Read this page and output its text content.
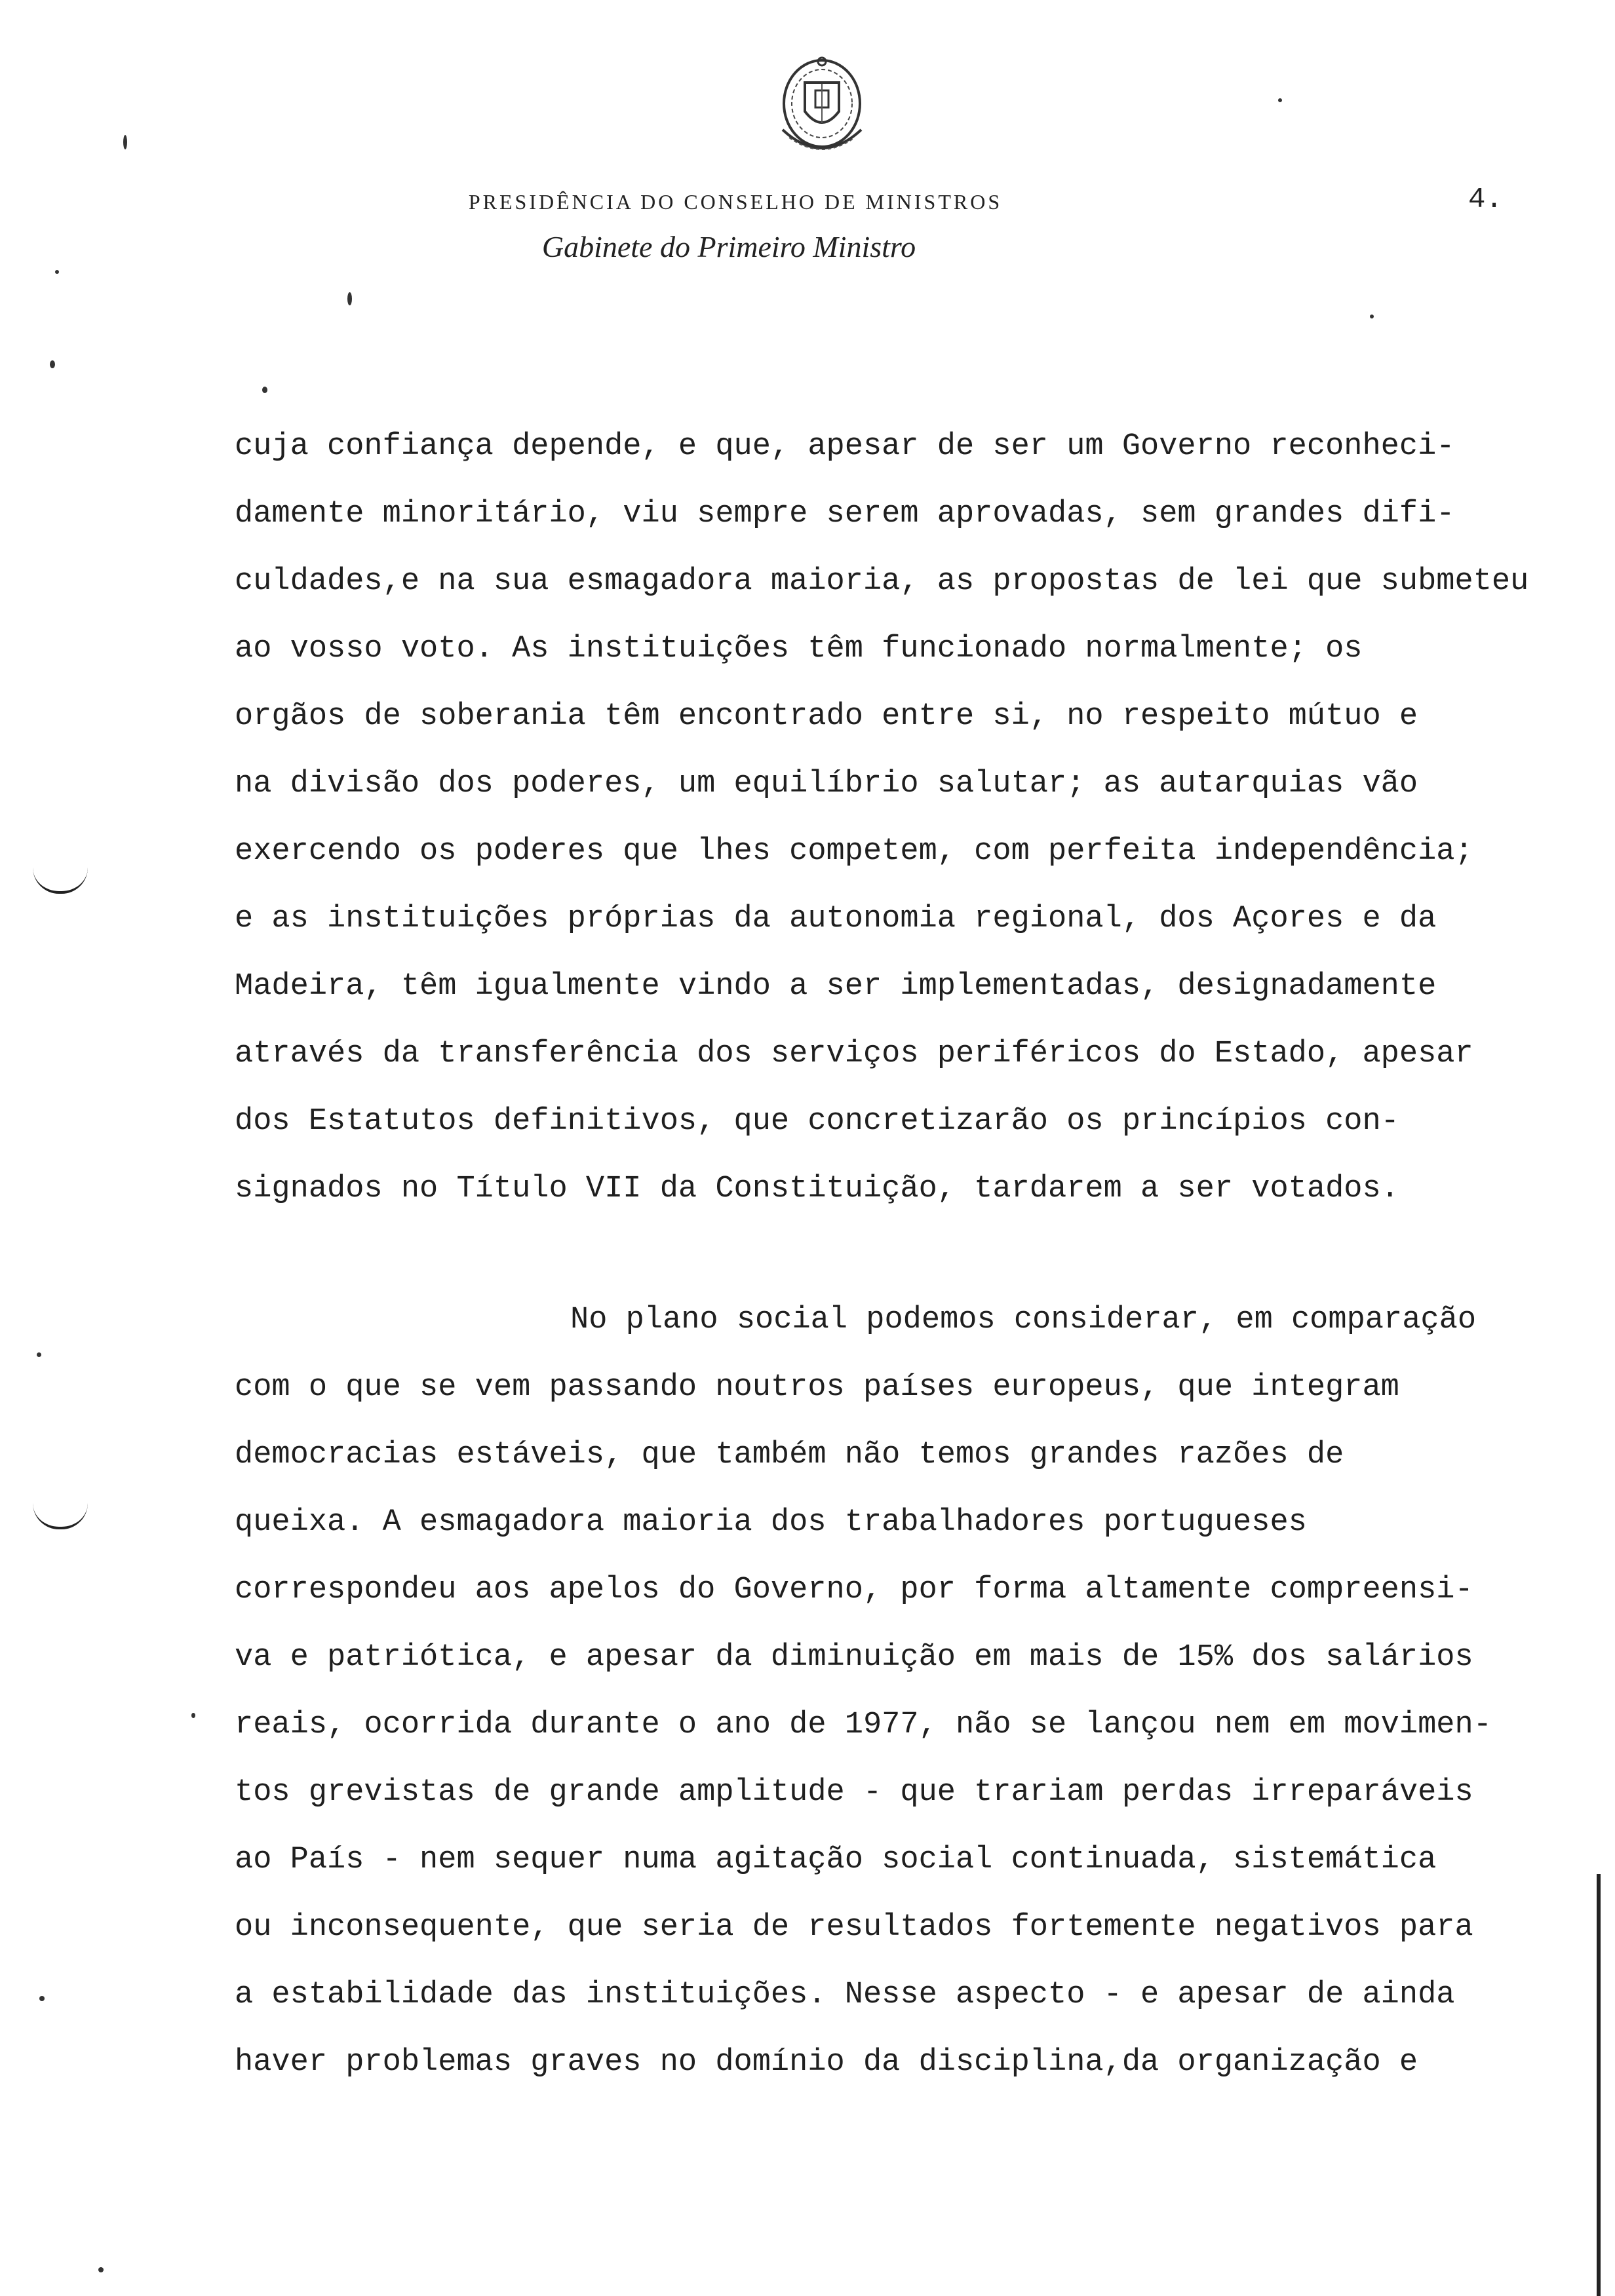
PRESIDÊNCIA DO CONSELHO DE MINISTROS
Gabinete do Primeiro Ministro
4.
cuja confiança depende, e que, apesar de ser um Governo reconheci-
damente minoritário, viu sempre serem aprovadas, sem grandes difi-
culdades,e na sua esmagadora maioria, as propostas de lei que submeteu
ao vosso voto. As instituições têm funcionado normalmente; os
orgãos de soberania têm encontrado entre si, no respeito mútuo e
na divisão dos poderes, um equilíbrio salutar; as autarquias vão
exercendo os poderes que lhes competem, com perfeita independência;
e as instituições próprias da autonomia regional, dos Açores e da
Madeira, têm igualmente vindo a ser implementadas, designadamente
através da transferência dos serviços periféricos do Estado, apesar
dos Estatutos definitivos, que concretizarão os princípios con-
signados no Título VII da Constituição, tardarem a ser votados.
No plano social podemos considerar, em comparação
com o que se vem passando noutros países europeus, que integram
democracias estáveis, que também não temos grandes razões de
queixa. A esmagadora maioria dos trabalhadores portugueses
correspondeu aos apelos do Governo, por forma altamente compreensi-
va e patriótica, e apesar da diminuição em mais de 15% dos salários
reais, ocorrida durante o ano de 1977, não se lançou nem em movimen-
tos grevistas de grande amplitude - que trariam perdas irreparáveis
ao País - nem sequer numa agitação social continuada, sistemática
ou inconsequente, que seria de resultados fortemente negativos para
a estabilidade das instituições. Nesse aspecto - e apesar de ainda
haver problemas graves no domínio da disciplina,da organização e
